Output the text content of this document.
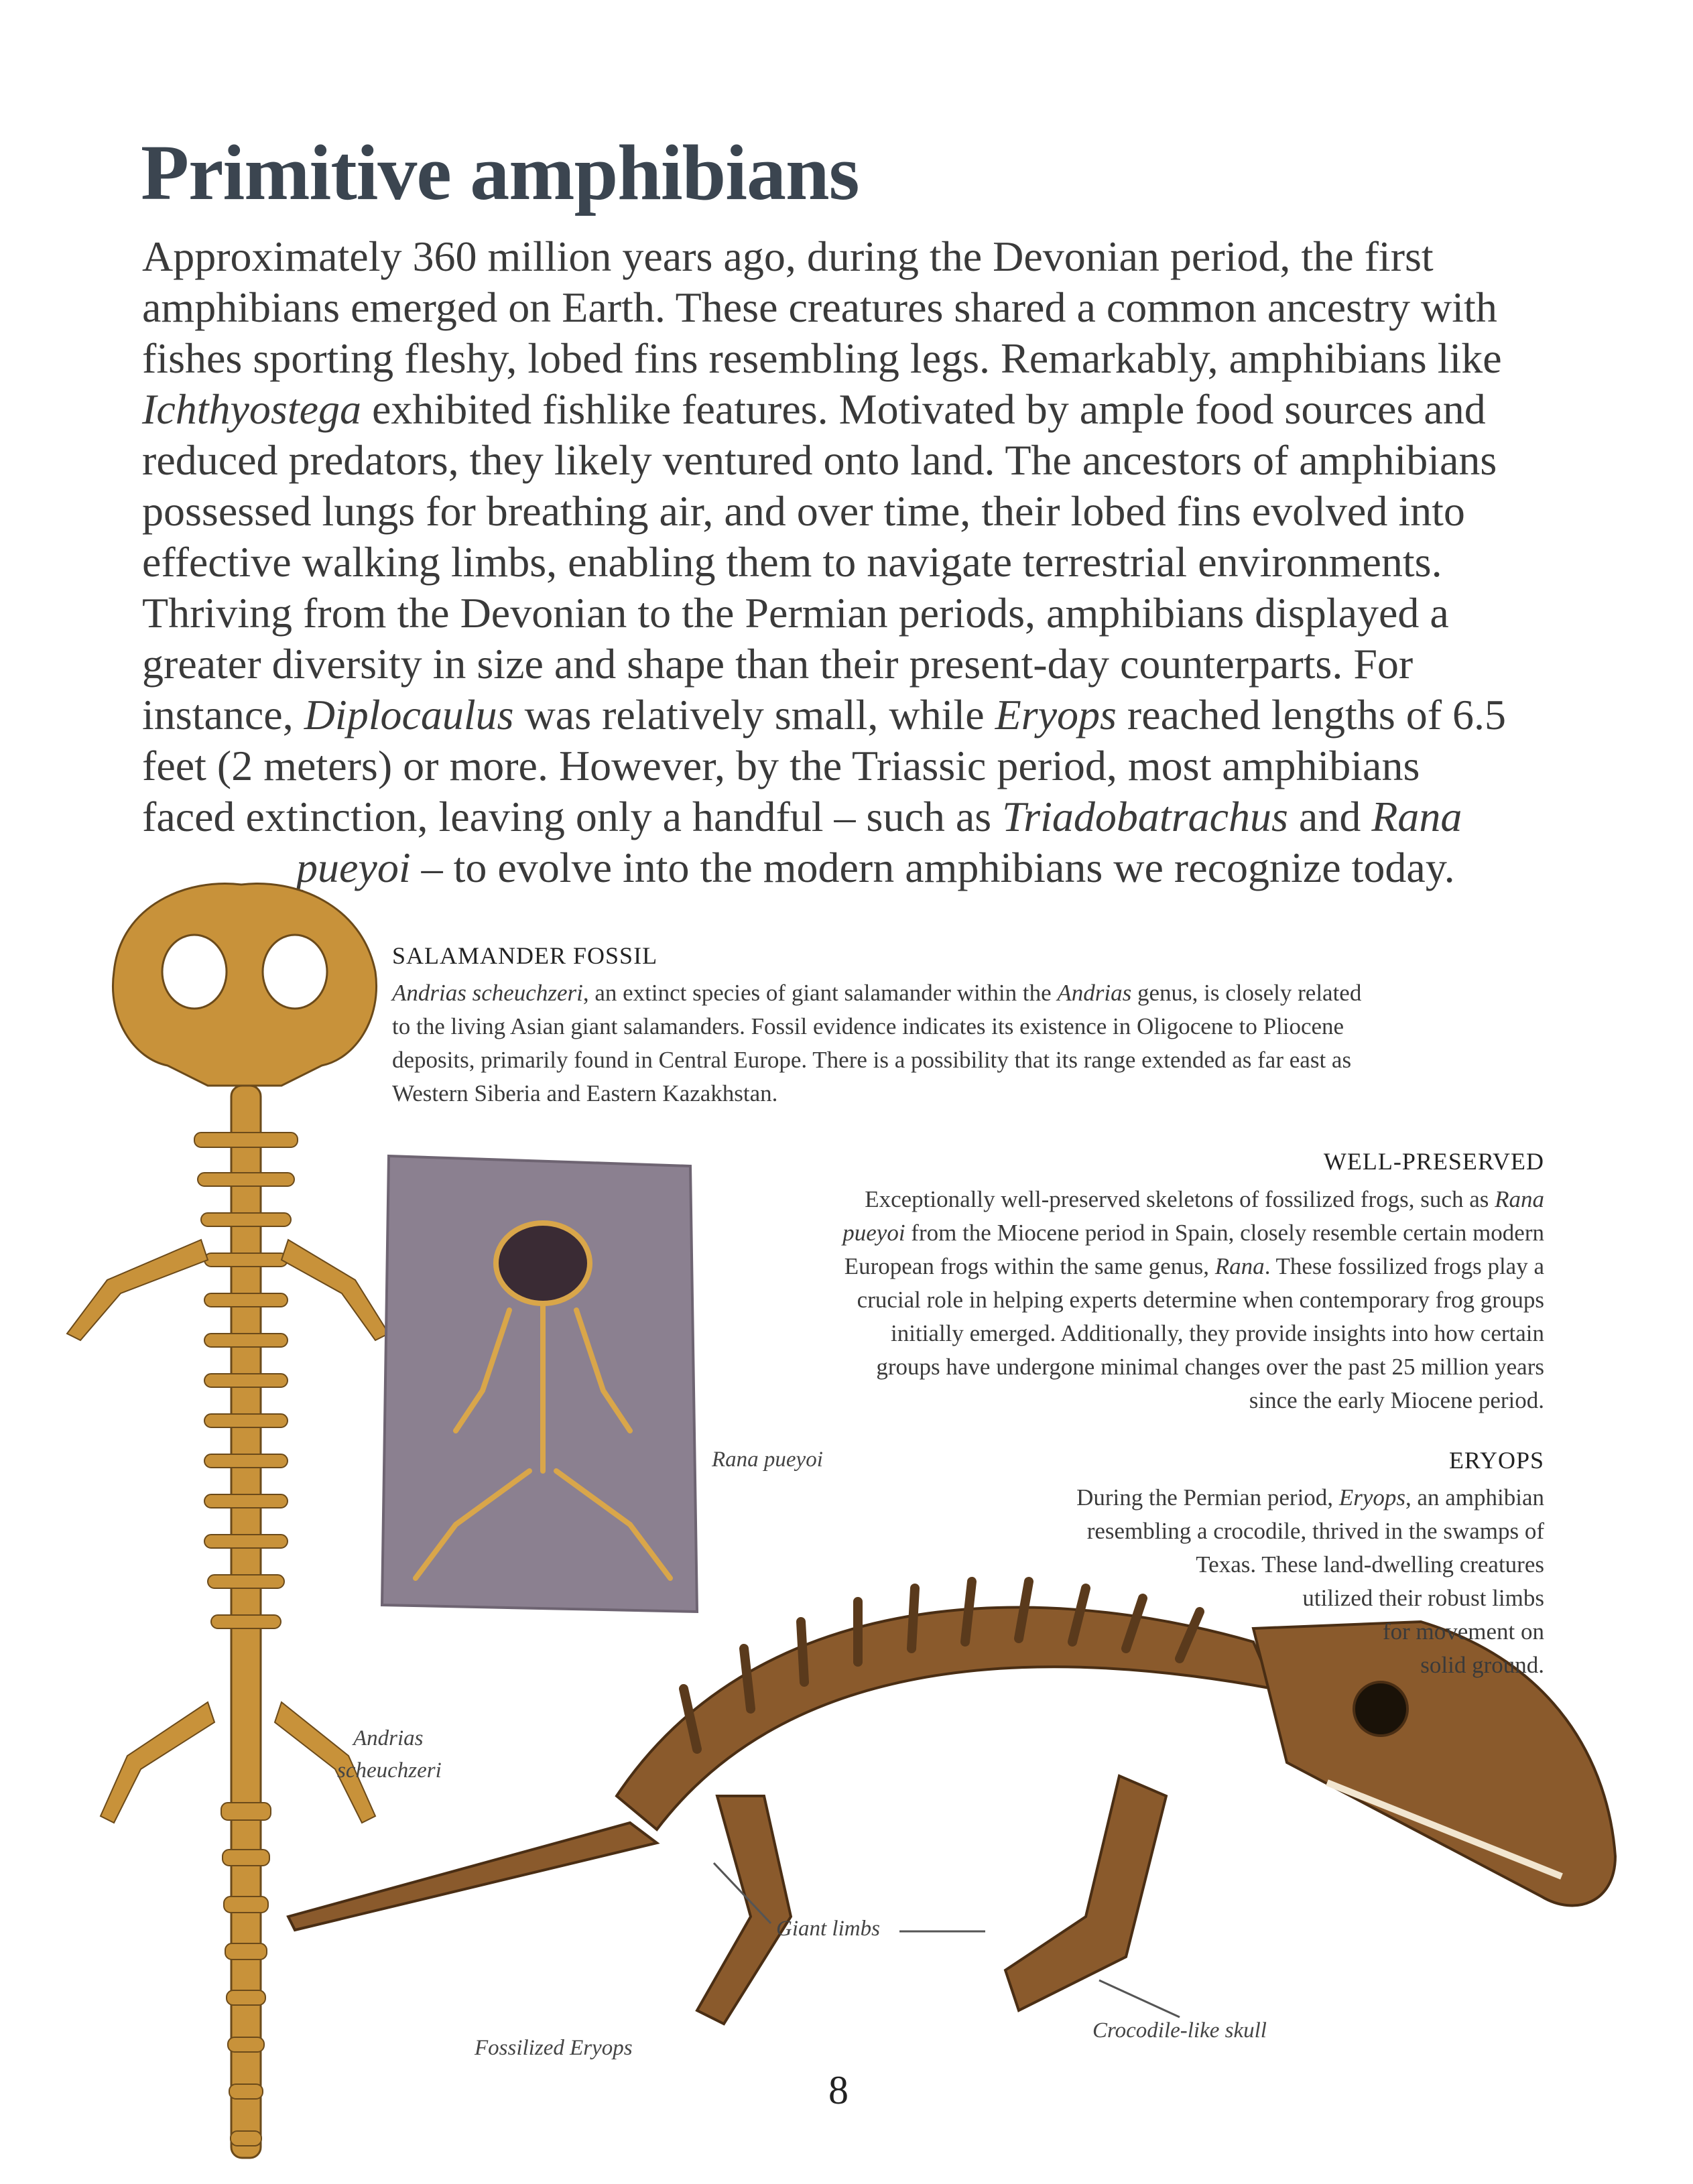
Primitive amphibians
Approximately 360 million years ago, during the Devonian period, the first
amphibians emerged on Earth. These creatures shared a common ancestry with
fishes sporting fleshy, lobed fins resembling legs. Remarkably, amphibians like
Ichthyostega exhibited fishlike features. Motivated by ample food sources and
reduced predators, they likely ventured onto land. The ancestors of amphibians
possessed lungs for breathing air, and over time, their lobed fins evolved into
effective walking limbs, enabling them to navigate terrestrial environments.
Thriving from the Devonian to the Permian periods, amphibians displayed a
greater diversity in size and shape than their present-day counterparts. For
instance, Diplocaulus was relatively small, while Eryops reached lengths of 6.5
feet (2 meters) or more. However, by the Triassic period, most amphibians
faced extinction, leaving only a handful – such as Triadobatrachus and Rana
pueyoi – to evolve into the modern amphibians we recognize today.
SALAMANDER FOSSIL
Andrias scheuchzeri, an extinct species of giant salamander within the Andrias genus, is closely related
to the living Asian giant salamanders. Fossil evidence indicates its existence in Oligocene to Pliocene
deposits, primarily found in Central Europe. There is a possibility that its range extended as far east as
Western Siberia and Eastern Kazakhstan.
WELL-PRESERVED
Exceptionally well-preserved skeletons of fossilized frogs, such as Rana
pueyoi from the Miocene period in Spain, closely resemble certain modern
European frogs within the same genus, Rana. These fossilized frogs play a
crucial role in helping experts determine when contemporary frog groups
initially emerged. Additionally, they provide insights into how certain
groups have undergone minimal changes over the past 25 million years
since the early Miocene period.
Rana pueyoi	ERYOPS
During the Permian period, Eryops, an amphibian
resembling a crocodile, thrived in the swamps of
Texas. These land-dwelling creatures
utilized their robust limbs
for movement on
solid ground.
Andrias
scheuchzeri
Giant limbs
Fossilized Eryops
Crocodile-like skull
8
